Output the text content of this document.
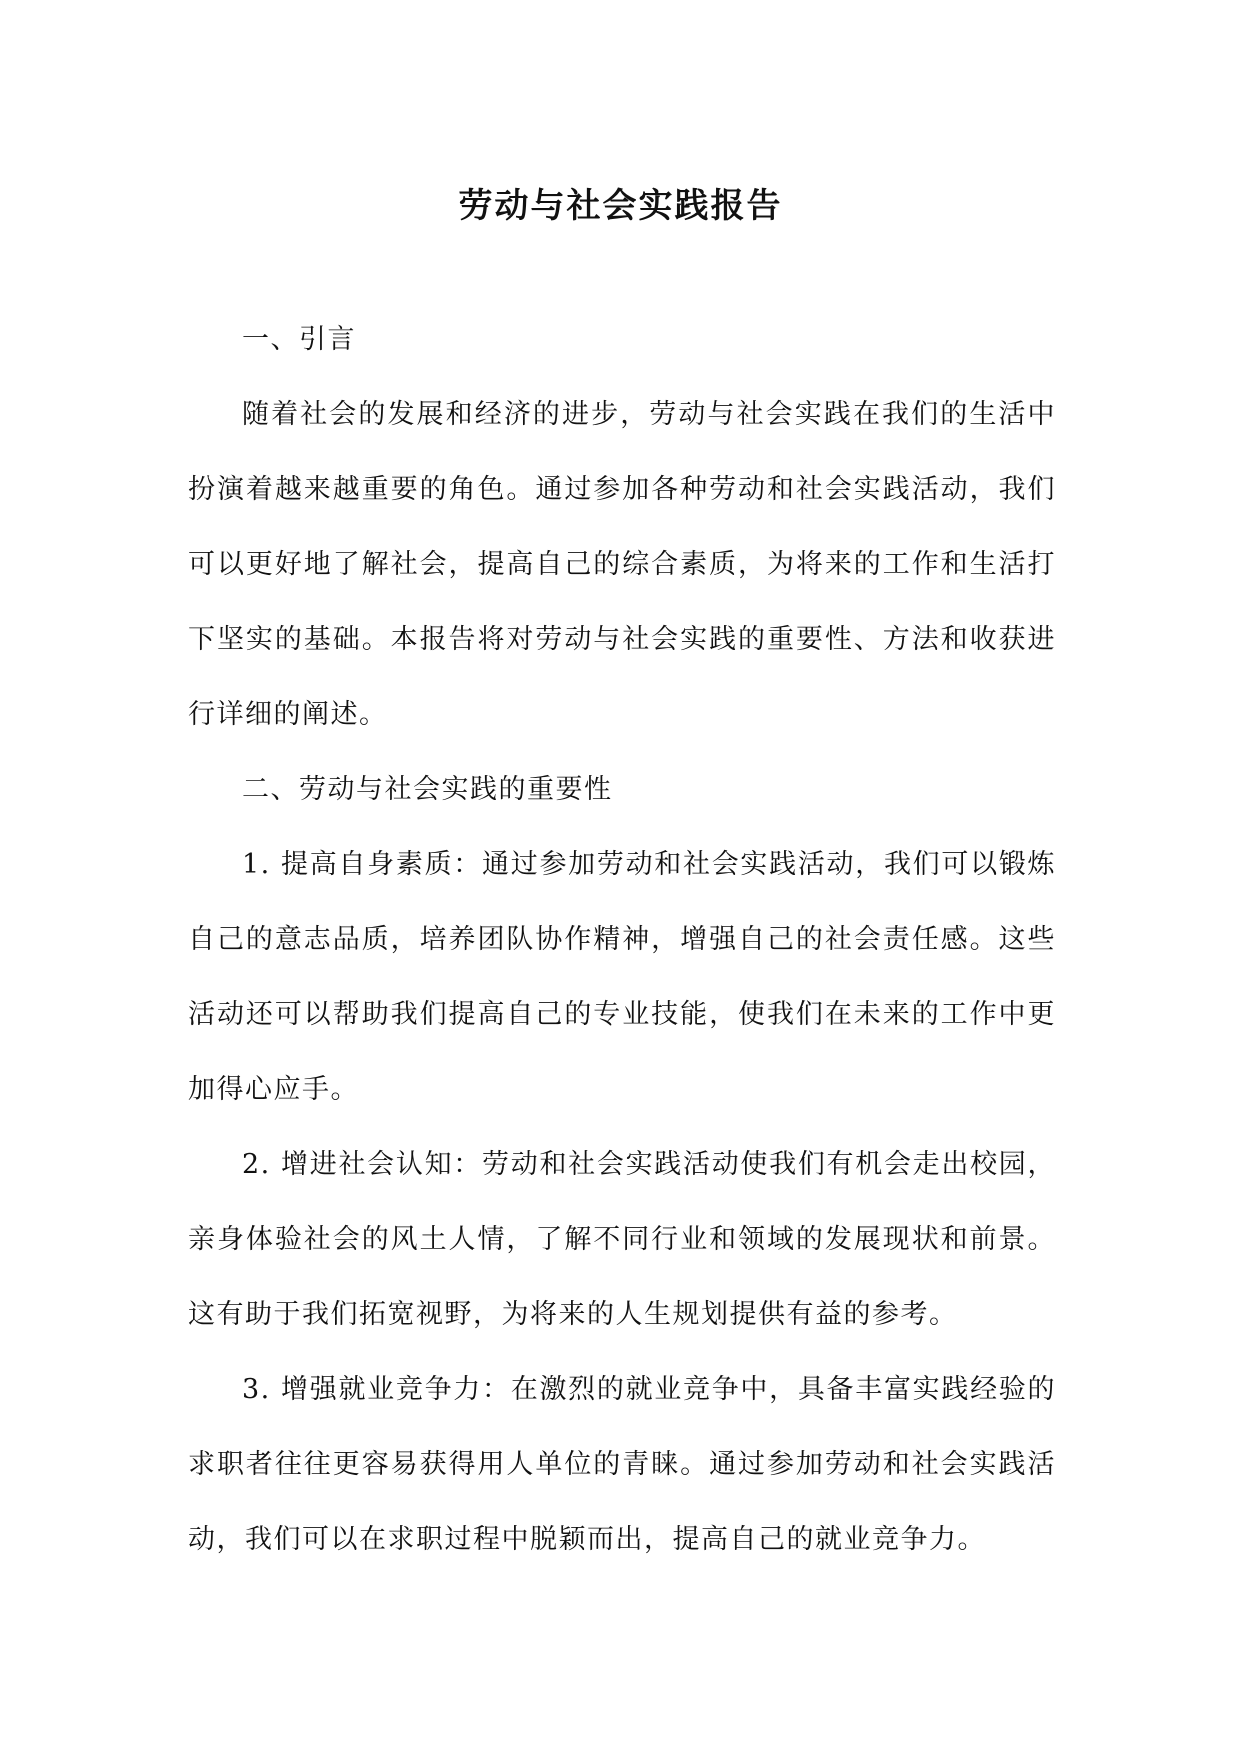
劳动与社会实践报告

一、引言

随着社会的发展和经济的进步，劳动与社会实践在我们的生活中扮演着越来越重要的角色。通过参加各种劳动和社会实践活动，我们可以更好地了解社会，提高自己的综合素质，为将来的工作和生活打下坚实的基础。本报告将对劳动与社会实践的重要性、方法和收获进行详细的阐述。

二、劳动与社会实践的重要性

1. 提高自身素质：通过参加劳动和社会实践活动，我们可以锻炼自己的意志品质，培养团队协作精神，增强自己的社会责任感。这些活动还可以帮助我们提高自己的专业技能，使我们在未来的工作中更加得心应手。

2. 增进社会认知：劳动和社会实践活动使我们有机会走出校园，亲身体验社会的风土人情，了解不同行业和领域的发展现状和前景。这有助于我们拓宽视野，为将来的人生规划提供有益的参考。

3. 增强就业竞争力：在激烈的就业竞争中，具备丰富实践经验的求职者往往更容易获得用人单位的青睐。通过参加劳动和社会实践活动，我们可以在求职过程中脱颖而出，提高自己的就业竞争力。
